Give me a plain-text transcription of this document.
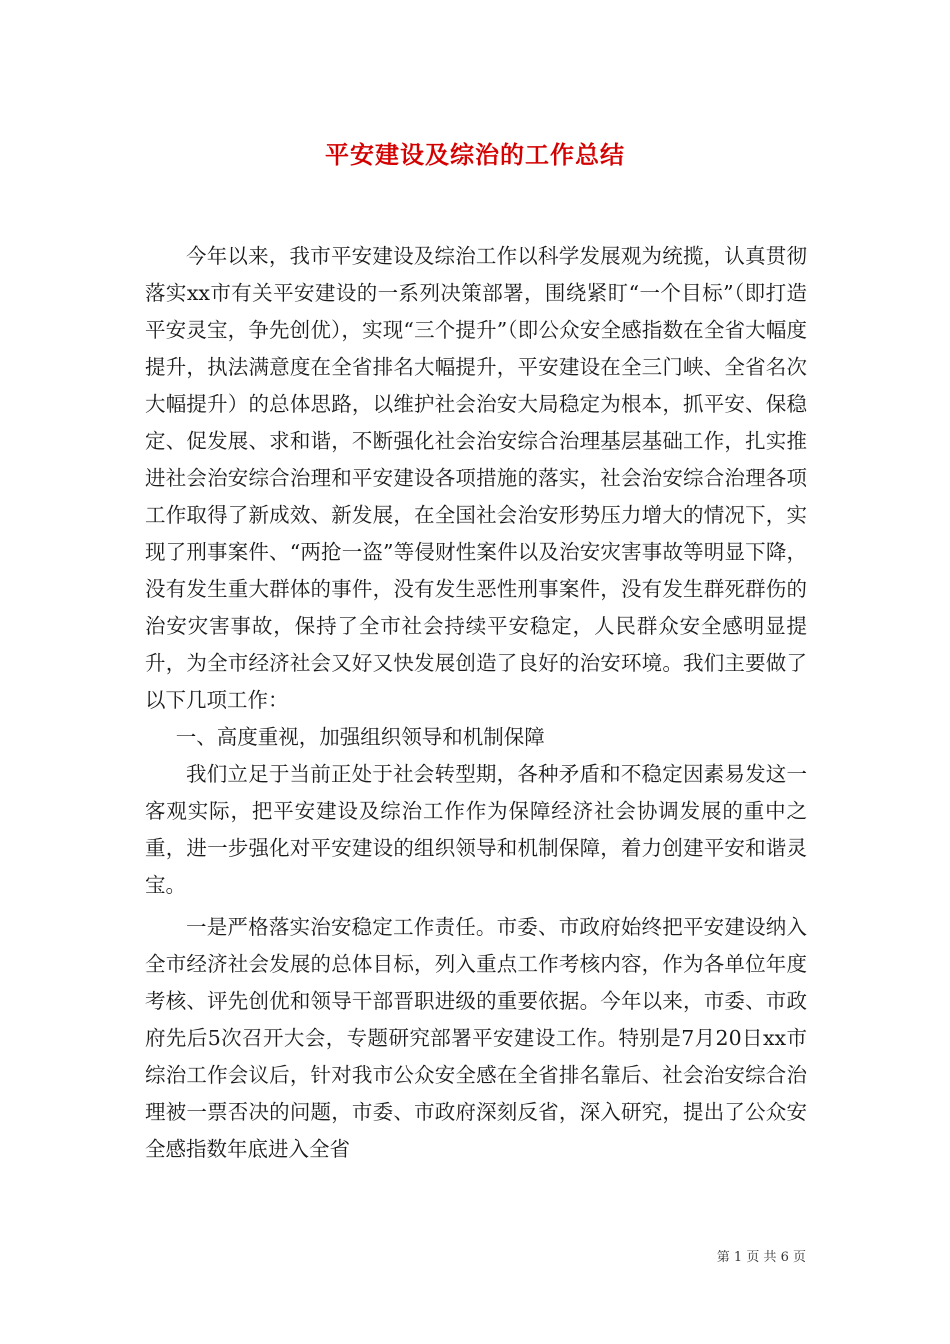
平安建设及综治的工作总结

今年以来，我市平安建设及综治工作以科学发展观为统揽，认真贯彻落实xx市有关平安建设的一系列决策部署，围绕紧盯“一个目标”（即打造平安灵宝，争先创优），实现“三个提升”（即公众安全感指数在全省大幅度提升，执法满意度在全省排名大幅提升，平安建设在全三门峡、全省名次大幅提升）的总体思路，以维护社会治安大局稳定为根本，抓平安、保稳定、促发展、求和谐，不断强化社会治安综合治理基层基础工作，扎实推进社会治安综合治理和平安建设各项措施的落实，社会治安综合治理各项工作取得了新成效、新发展，在全国社会治安形势压力增大的情况下，实现了刑事案件、“两抢一盗”等侵财性案件以及治安灾害事故等明显下降，没有发生重大群体的事件，没有发生恶性刑事案件，没有发生群死群伤的治安灾害事故，保持了全市社会持续平安稳定，人民群众安全感明显提升，为全市经济社会又好又快发展创造了良好的治安环境。我们主要做了以下几项工作：

一、高度重视，加强组织领导和机制保障

我们立足于当前正处于社会转型期，各种矛盾和不稳定因素易发这一客观实际，把平安建设及综治工作作为保障经济社会协调发展的重中之重，进一步强化对平安建设的组织领导和机制保障，着力创建平安和谐灵宝。

一是严格落实治安稳定工作责任。市委、市政府始终把平安建设纳入全市经济社会发展的总体目标，列入重点工作考核内容，作为各单位年度考核、评先创优和领导干部晋职进级的重要依据。今年以来，市委、市政府先后5次召开大会，专题研究部署平安建设工作。特别是7月20日xx市综治工作会议后，针对我市公众安全感在全省排名靠后、社会治安综合治理被一票否决的问题，市委、市政府深刻反省，深入研究，提出了公众安全感指数年底进入全省

第 1 页 共 6 页
